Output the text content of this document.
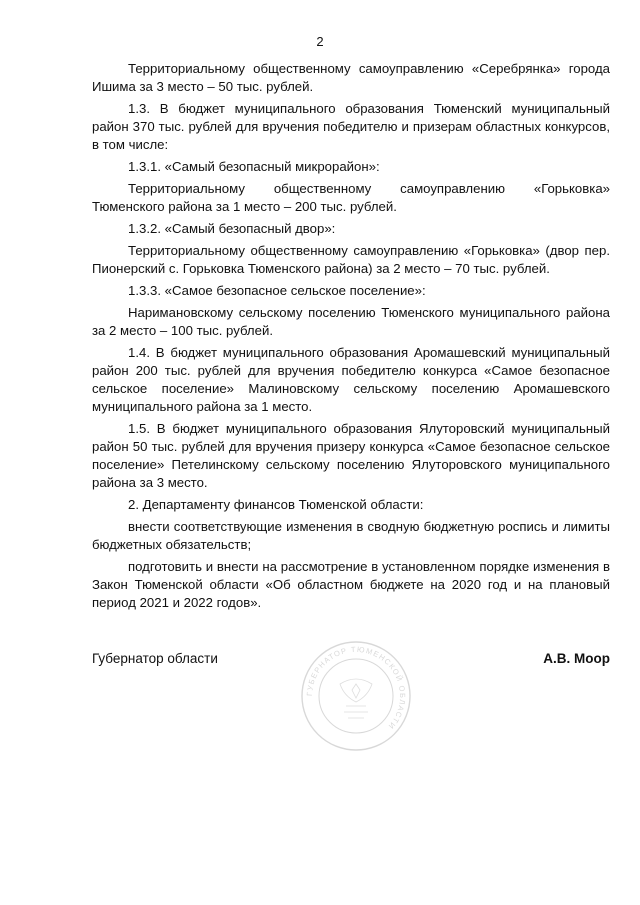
2

Территориальному общественному самоуправлению «Серебрянка» города Ишима за 3 место – 50 тыс. рублей.

1.3. В бюджет муниципального образования Тюменский муниципальный район 370 тыс. рублей для вручения победителю и призерам областных конкурсов, в том числе:

1.3.1. «Самый безопасный микрорайон»:

Территориальному общественному самоуправлению «Горьковка» Тюменского района за 1 место – 200 тыс. рублей.

1.3.2. «Самый безопасный двор»:

Территориальному общественному самоуправлению «Горьковка» (двор пер. Пионерский с. Горьковка Тюменского района) за 2 место – 70 тыс. рублей.

1.3.3. «Самое безопасное сельское поселение»:

Наримановскому сельскому поселению Тюменского муниципального района за 2 место – 100 тыс. рублей.

1.4. В бюджет муниципального образования Аромашевский муниципальный район 200 тыс. рублей для вручения победителю конкурса «Самое безопасное сельское поселение» Малиновскому сельскому поселению Аромашевского муниципального района за 1 место.

1.5. В бюджет муниципального образования Ялуторовский муниципальный район 50 тыс. рублей для вручения призеру конкурса «Самое безопасное сельское поселение» Петелинскому сельскому поселению Ялуторовского муниципального района за 3 место.

2. Департаменту финансов Тюменской области:

внести соответствующие изменения в сводную бюджетную роспись и лимиты бюджетных обязательств;

подготовить и внести на рассмотрение в установленном порядке изменения в Закон Тюменской области «Об областном бюджете на 2020 год и на плановый период 2021 и 2022 годов».

Губернатор области	А.В. Моор
ГУБЕРНАТОР ТЮМЕНСКОЙ ОБЛАСТИ
